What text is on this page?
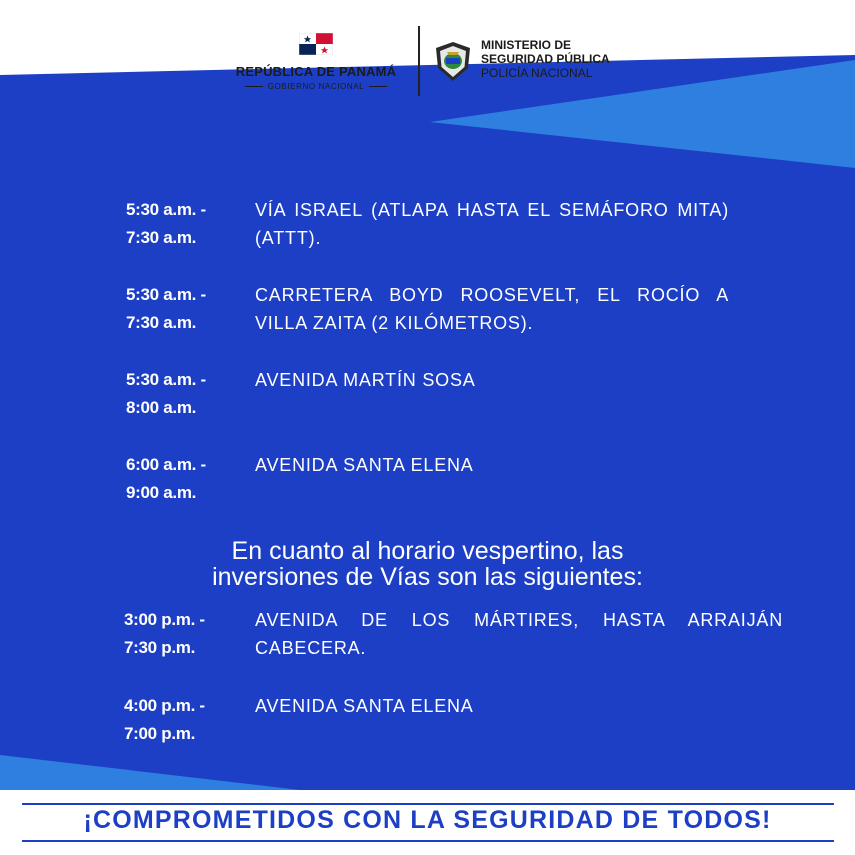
REPÚBLICA DE PANAMÁ
GOBIERNO NACIONAL
MINISTERIO DE
SEGURIDAD PÚBLICA
POLICÍA NACIONAL
5:30 a.m. -
7:30 a.m.
VÍA ISRAEL (ATLAPA HASTA EL SEMÁFORO MITA) (ATTT).
5:30 a.m. -
7:30 a.m.
CARRETERA BOYD ROOSEVELT, EL ROCÍO A VILLA ZAITA (2 KILÓMETROS).
5:30 a.m. -
8:00 a.m.
AVENIDA MARTÍN SOSA
6:00 a.m. -
9:00 a.m.
AVENIDA SANTA ELENA
En cuanto al horario vespertino, las
inversiones de Vías son las siguientes:
3:00 p.m. -
7:30 p.m.
AVENIDA DE LOS MÁRTIRES, HASTA ARRAIJÁN CABECERA.
4:00 p.m. -
7:00 p.m.
AVENIDA SANTA ELENA
¡COMPROMETIDOS CON LA SEGURIDAD DE TODOS!
